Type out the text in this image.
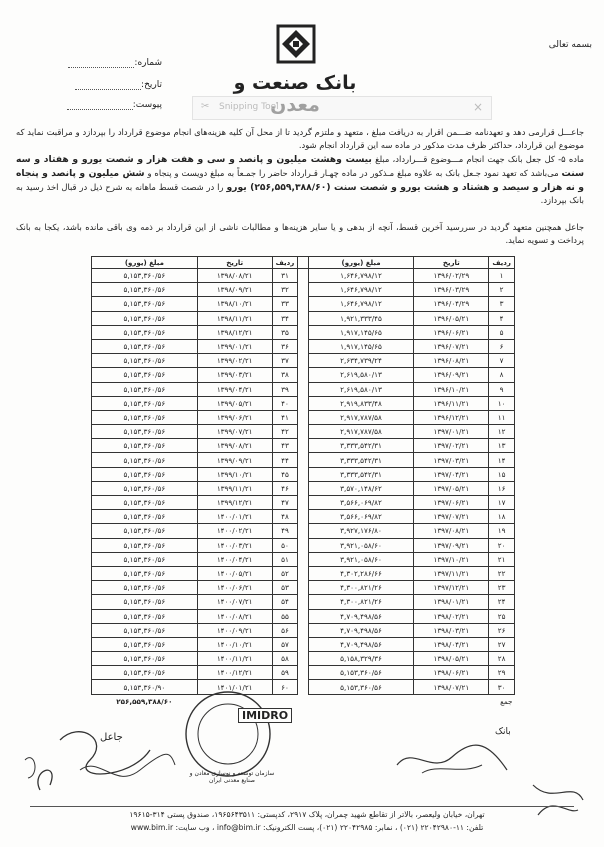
بسمه تعالی
بانک صنعت و
شماره:
تاریخ:
پیوست:	✂ Snipping Tool	×
جاعـــل قرارمی دهد و تعهدنامه ضـــمن اقرار به دریافت مبلغ ، متعهد و ملتزم گردید تا از محل آن کلیه هزینه‌های انجام موضوع قرارداد را بپردازد و مراقبت نماید که موضوع این قرارداد، حداکثر ظرف مدت مذکور در ماده سه این قرارداد انجام شود.
ماده ۵- کل جعل بانک جهت انجام مـــوضوع قـــرارداد، مبلغ بیست وهشت میلیون و پانصد و سی و هفت هزار و شصت یورو و هفتاد و سه سنت می‌باشد که تعهد نمود جـعل بانک به علاوه مبلغ مـذکور در ماده چهـار قـرارداد حاضر را جمـعاً به مبلغ دویست و پنجاه و شش میلیون و پانصد و پنجاه و نه هزار و سیصد و هشتاد و هشت یورو و شصت سنت (۲۵۶,۵۵۹,۳۸۸/۶۰) یورو را در شصت قسط ماهانه به شرح ذیل در قبال اخذ رسید به بانک بپردازد.
جاعل همچنین متعهد گردید در سررسید آخرین قسط، آنچه از بدهی و یا سایر هزینه‌ها و مطالبات ناشی از این قرارداد بر ذمه وی باقی مانده باشد، یکجا به بانک پرداخت و تسویه نماید.
ردیف	تاریخ	مبلغ (یورو)		ردیف	تاریخ	مبلغ (یورو)
۱	۱۳۹۶/۰۲/۲۹	۱,۶۴۶,۷۹۸/۱۲		۳۱	۱۳۹۸/۰۸/۲۱	۵,۱۵۳,۳۶۰/۵۶
۲	۱۳۹۶/۰۳/۲۹	۱,۶۴۶,۷۹۸/۱۲		۳۲	۱۳۹۸/۰۹/۲۱	۵,۱۵۳,۳۶۰/۵۶
۳	۱۳۹۶/۰۴/۲۹	۱,۶۴۶,۷۹۸/۱۲		۳۳	۱۳۹۸/۱۰/۲۱	۵,۱۵۳,۳۶۰/۵۶
۴	۱۳۹۶/۰۵/۲۱	۱,۹۲۱,۳۳۳/۴۵		۳۴	۱۳۹۸/۱۱/۲۱	۵,۱۵۳,۳۶۰/۵۶
۵	۱۳۹۶/۰۶/۲۱	۱,۹۱۷,۱۴۵/۶۵		۳۵	۱۳۹۸/۱۲/۲۱	۵,۱۵۳,۳۶۰/۵۶
۶	۱۳۹۶/۰۷/۲۱	۱,۹۱۷,۱۴۵/۶۵		۳۶	۱۳۹۹/۰۱/۲۱	۵,۱۵۳,۳۶۰/۵۶
۷	۱۳۹۶/۰۸/۲۱	۲,۶۳۴,۷۳۹/۲۴		۳۷	۱۳۹۹/۰۲/۲۱	۵,۱۵۳,۳۶۰/۵۶
۸	۱۳۹۶/۰۹/۲۱	۲,۶۱۹,۵۸۰/۱۳		۳۸	۱۳۹۹/۰۳/۲۱	۵,۱۵۳,۳۶۰/۵۶
۹	۱۳۹۶/۱۰/۲۱	۲,۶۱۹,۵۸۰/۱۳		۳۹	۱۳۹۹/۰۴/۲۱	۵,۱۵۳,۳۶۰/۵۶
۱۰	۱۳۹۶/۱۱/۲۱	۲,۹۱۹,۸۳۳/۴۸		۴۰	۱۳۹۹/۰۵/۲۱	۵,۱۵۳,۳۶۰/۵۶
۱۱	۱۳۹۶/۱۲/۲۱	۲,۹۱۷,۷۸۷/۵۸		۴۱	۱۳۹۹/۰۶/۲۱	۵,۱۵۳,۳۶۰/۵۶
۱۲	۱۳۹۷/۰۱/۲۱	۲,۹۱۷,۷۸۷/۵۸		۴۲	۱۳۹۹/۰۷/۲۱	۵,۱۵۳,۳۶۰/۵۶
۱۳	۱۳۹۷/۰۲/۲۱	۳,۳۳۳,۵۴۲/۳۱		۴۳	۱۳۹۹/۰۸/۲۱	۵,۱۵۳,۳۶۰/۵۶
۱۴	۱۳۹۷/۰۳/۲۱	۳,۳۳۳,۵۴۲/۳۱		۴۴	۱۳۹۹/۰۹/۲۱	۵,۱۵۳,۳۶۰/۵۶
۱۵	۱۳۹۷/۰۴/۲۱	۳,۳۳۳,۵۴۲/۳۱		۴۵	۱۳۹۹/۱۰/۲۱	۵,۱۵۳,۳۶۰/۵۶
۱۶	۱۳۹۷/۰۵/۲۱	۳,۵۷۰,۱۴۸/۶۲		۴۶	۱۳۹۹/۱۱/۲۱	۵,۱۵۳,۳۶۰/۵۶
۱۷	۱۳۹۷/۰۶/۲۱	۳,۵۶۶,۰۶۹/۸۲		۴۷	۱۳۹۹/۱۲/۲۱	۵,۱۵۳,۳۶۰/۵۶
۱۸	۱۳۹۷/۰۷/۲۱	۳,۵۶۶,۰۶۹/۸۲		۴۸	۱۴۰۰/۰۱/۲۱	۵,۱۵۳,۳۶۰/۵۶
۱۹	۱۳۹۷/۰۸/۲۱	۳,۹۲۷,۱۷۶/۸۰		۴۹	۱۴۰۰/۰۲/۲۱	۵,۱۵۳,۳۶۰/۵۶
۲۰	۱۳۹۷/۰۹/۲۱	۳,۹۲۱,۰۵۸/۶۰		۵۰	۱۴۰۰/۰۳/۲۱	۵,۱۵۳,۳۶۰/۵۶
۲۱	۱۳۹۷/۱۰/۲۱	۳,۹۲۱,۰۵۸/۶۰		۵۱	۱۴۰۰/۰۴/۲۱	۵,۱۵۳,۳۶۰/۵۶
۲۲	۱۳۹۷/۱۱/۲۱	۴,۳۰۲,۲۸۶/۶۶		۵۲	۱۴۰۰/۰۵/۲۱	۵,۱۵۳,۳۶۰/۵۶
۲۳	۱۳۹۷/۱۲/۲۱	۴,۳۰۰,۸۲۱/۲۶		۵۳	۱۴۰۰/۰۶/۲۱	۵,۱۵۳,۳۶۰/۵۶
۲۴	۱۳۹۸/۰۱/۲۱	۴,۳۰۰,۸۲۱/۲۶		۵۴	۱۴۰۰/۰۷/۲۱	۵,۱۵۳,۳۶۰/۵۶
۲۵	۱۳۹۸/۰۲/۲۱	۴,۷۰۹,۴۹۸/۵۶		۵۵	۱۴۰۰/۰۸/۲۱	۵,۱۵۳,۳۶۰/۵۶
۲۶	۱۳۹۸/۰۳/۲۱	۴,۷۰۹,۴۹۸/۵۶		۵۶	۱۴۰۰/۰۹/۲۱	۵,۱۵۳,۳۶۰/۵۶
۲۷	۱۳۹۸/۰۴/۲۱	۴,۷۰۹,۴۹۸/۵۶		۵۷	۱۴۰۰/۱۰/۲۱	۵,۱۵۳,۳۶۰/۵۶
۲۸	۱۳۹۸/۰۵/۲۱	۵,۱۵۸,۳۲۹/۳۶		۵۸	۱۴۰۰/۱۱/۲۱	۵,۱۵۳,۳۶۰/۵۶
۲۹	۱۳۹۸/۰۶/۲۱	۵,۱۵۳,۳۶۰/۵۶		۵۹	۱۴۰۰/۱۲/۲۱	۵,۱۵۳,۳۶۰/۵۶
۳۰	۱۳۹۸/۰۷/۲۱	۵,۱۵۳,۳۶۰/۵۶		۶۰	۱۴۰۱/۰۱/۲۱	۵,۱۵۳,۳۶۰/۹۰
جمع						۲۵۶,۵۵۹,۳۸۸/۶۰
بانک
IMIDRO
سازمان توسعه و نوسازی معادن و صنایع معدنی ایران
جاعل
تهران، خیابان ولیعصر، بالاتر از تقاطع شهید چمران، پلاک ۲۹۱۷، کدپستی: ۱۹۶۵۶۴۳۵۱۱، صندوق پستی ۳۱۴-۱۹۶۱۵
تلفن: ۱۱-۲۲۰۴۲۹۸۰ (۰۲۱) ، نمابر: ۲۲۰۴۲۹۸۵ (۰۲۱)، پست الکترونیک: info@bim.ir ، وب سایت: www.bim.ir
